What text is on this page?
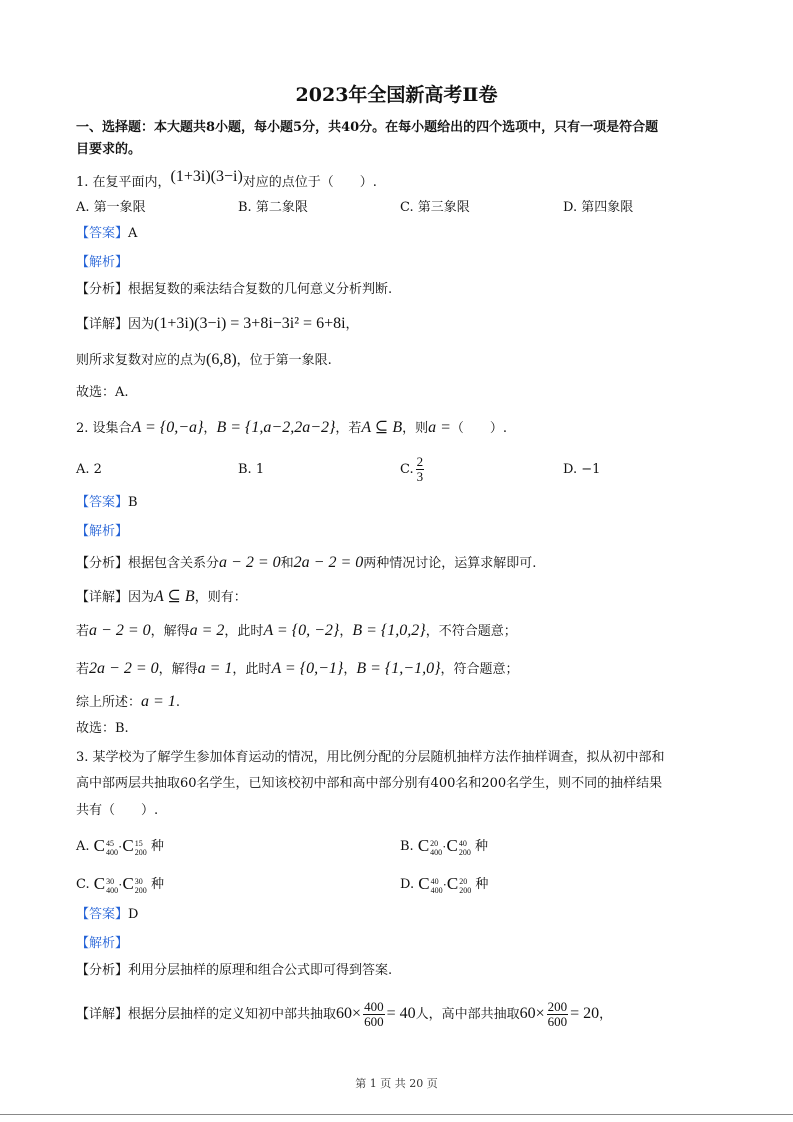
2023年全国新高考Ⅱ卷
一、选择题：本大题共8小题，每小题5分，共40分。在每小题给出的四个选项中，只有一项是符合题
目要求的。
1. 在复平面内，(1+3i)(3−i)对应的点位于（　　）.
A. 第一象限	B. 第二象限	C. 第三象限	D. 第四象限
【答案】A
【解析】
【分析】根据复数的乘法结合复数的几何意义分析判断.
【详解】因为(1+3i)(3−i) = 3+8i−3i² = 6+8i，
则所求复数对应的点为(6,8)，位于第一象限.
故选：A.
2. 设集合A = {0,−a}，B = {1,a−2,2a−2}，若A ⊆ B，则a =（　　）.
A. 2	B. 1	C. $\frac{2}{3}$	D. −1
【答案】B
【解析】
【分析】根据包含关系分a − 2 = 0和2a − 2 = 0两种情况讨论，运算求解即可.
【详解】因为A ⊆ B，则有：
若a − 2 = 0，解得a = 2，此时A = {0, −2}，B = {1,0,2}，不符合题意；
若2a − 2 = 0，解得a = 1，此时A = {0,−1}，B = {1,−1,0}，符合题意；
综上所述：a = 1.
故选：B.
3. 某学校为了解学生参加体育运动的情况，用比例分配的分层随机抽样方法作抽样调查，拟从初中部和
高中部两层共抽取60名学生，已知该校初中部和高中部分别有400名和200名学生，则不同的抽样结果
共有（　　）.
A. C 45
400 ·C 15
200 种	B. C 20
400 ·C 40
200 种
C. C 30
400 ·C 30
200 种	D. C 40
400 ·C 20
200 种
【答案】D
【解析】
【分析】利用分层抽样的原理和组合公式即可得到答案.
【详解】根据分层抽样的定义知初中部共抽取$60\times \frac{400}{600} = 40$人，高中部共抽取$60\times \frac{200}{600} = 20$，
第 1 页 共 20 页
